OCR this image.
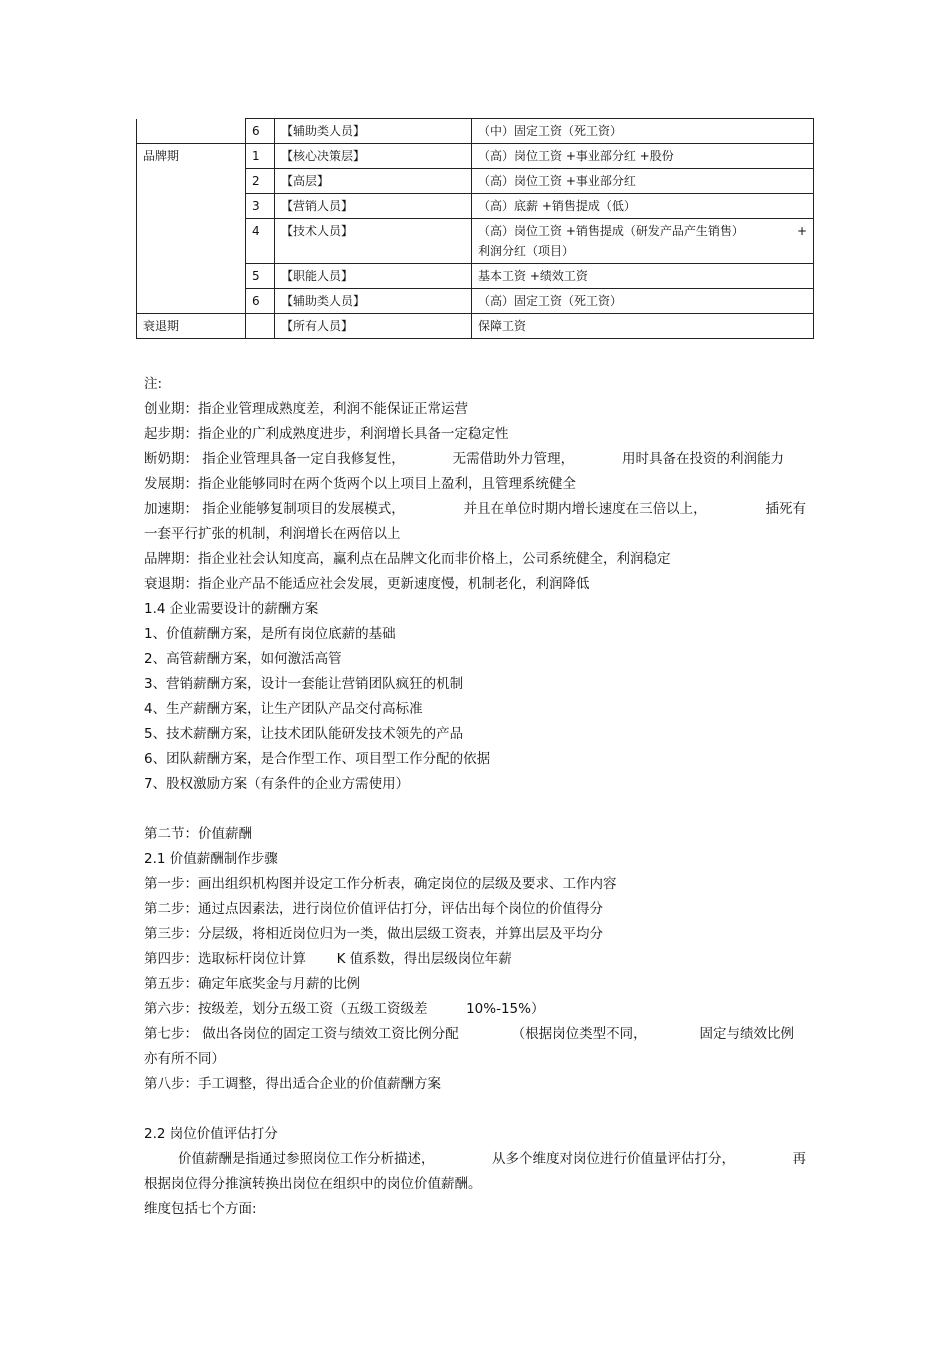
	6	【辅助类人员】	（中）固定工资（死工资）
品牌期	1	【核心决策层】	（高）岗位工资 +事业部分红 +股份
	2	【高层】	（高）岗位工资 +事业部分红
	3	【营销人员】	（高）底薪 +销售提成（低）
	4	【技术人员】	（高）岗位工资 +销售提成（研发产品产生销售） +
利润分红（项目）

	5	【职能人员】	基本工资 +绩效工资
	6	【辅助类人员】	（高）固定工资（死工资）
衰退期		【所有人员】	保障工资
注:
创业期：指企业管理成熟度差，利润不能保证正常运营
起步期：指企业的广利成熟度进步，利润增长具备一定稳定性
断奶期： 指企业管理具备一定自我修复性，	无需借助外力管理，	用时具备在投资的利润能力
发展期：指企业能够同时在两个货两个以上项目上盈利，且管理系统健全
加速期： 指企业能够复制项目的发展模式，	并且在单位时期内增长速度在三倍以上，	插死有
一套平行扩张的机制，利润增长在两倍以上
品牌期：指企业社会认知度高，赢利点在品牌文化而非价格上，公司系统健全，利润稳定
衰退期：指企业产品不能适应社会发展，更新速度慢，机制老化，利润降低
1.4 企业需要设计的薪酬方案
1、价值薪酬方案，是所有岗位底薪的基础
2、高管薪酬方案，如何激活高管
3、营销薪酬方案，设计一套能让营销团队疯狂的机制
4、生产薪酬方案，让生产团队产品交付高标准
5、技术薪酬方案，让技术团队能研发技术领先的产品
6、团队薪酬方案，是合作型工作、项目型工作分配的依据
7、股权激励方案（有条件的企业方需使用）
第二节：价值薪酬
2.1 价值薪酬制作步骤
第一步：画出组织机构图并设定工作分析表，确定岗位的层级及要求、工作内容
第二步：通过点因素法，进行岗位价值评估打分，评估出每个岗位的价值得分
第三步：分层级，将相近岗位归为一类，做出层级工资表，并算出层及平均分
第四步：选取标杆岗位计算 K 值系数，得出层级岗位年薪
第五步：确定年底奖金与月薪的比例
第六步：按级差，划分五级工资（五级工资级差	10%-15%）
第七步： 做出各岗位的固定工资与绩效工资比例分配	（根据岗位类型不同，	固定与绩效比例
亦有所不同）
第八步：手工调整，得出适合企业的价值薪酬方案
2.2 岗位价值评估打分
价值薪酬是指通过参照岗位工作分析描述，	从多个维度对岗位进行价值量评估打分，	再
根据岗位得分推演转换出岗位在组织中的岗位价值薪酬。
维度包括七个方面:
